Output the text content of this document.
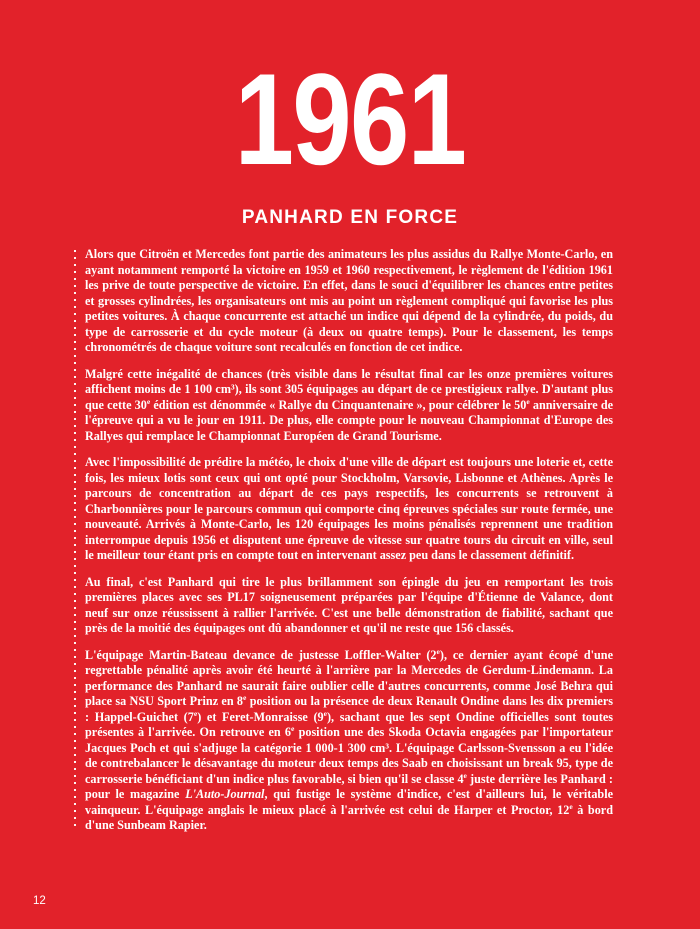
1961
PANHARD EN FORCE

Alors que Citroën et Mercedes font partie des animateurs les plus assidus du Rallye Monte-Carlo, en ayant notamment remporté la victoire en 1959 et 1960 respectivement, le règlement de l'édition 1961 les prive de toute perspective de victoire. En effet, dans le souci d'équilibrer les chances entre petites et grosses cylindrées, les organisateurs ont mis au point un règlement compliqué qui favorise les plus petites voitures. À chaque concurrente est attaché un indice qui dépend de la cylindrée, du poids, du type de carrosserie et du cycle moteur (à deux ou quatre temps). Pour le classement, les temps chronométrés de chaque voiture sont recalculés en fonction de cet indice.

Malgré cette inégalité de chances (très visible dans le résultat final car les onze premières voitures affichent moins de 1 100 cm³), ils sont 305 équipages au départ de ce prestigieux rallye. D'autant plus que cette 30e édition est dénommée « Rallye du Cinquantenaire », pour célébrer le 50e anniversaire de l'épreuve qui a vu le jour en 1911. De plus, elle compte pour le nouveau Championnat d'Europe des Rallyes qui remplace le Championnat Européen de Grand Tourisme.

Avec l'impossibilité de prédire la météo, le choix d'une ville de départ est toujours une loterie et, cette fois, les mieux lotis sont ceux qui ont opté pour Stockholm, Varsovie, Lisbonne et Athènes. Après le parcours de concentration au départ de ces pays respectifs, les concurrents se retrouvent à Charbonnières pour le parcours commun qui comporte cinq épreuves spéciales sur route fermée, une nouveauté. Arrivés à Monte-Carlo, les 120 équipages les moins pénalisés reprennent une tradition interrompue depuis 1956 et disputent une épreuve de vitesse sur quatre tours du circuit en ville, seul le meilleur tour étant pris en compte tout en intervenant assez peu dans le classement définitif.

Au final, c'est Panhard qui tire le plus brillamment son épingle du jeu en remportant les trois premières places avec ses PL17 soigneusement préparées par l'équipe d'Étienne de Valance, dont neuf sur onze réussissent à rallier l'arrivée. C'est une belle démonstration de fiabilité, sachant que près de la moitié des équipages ont dû abandonner et qu'il ne reste que 156 classés.

L'équipage Martin-Bateau devance de justesse Loffler-Walter (2e), ce dernier ayant écopé d'une regrettable pénalité après avoir été heurté à l'arrière par la Mercedes de Gerdum-Lindemann. La performance des Panhard ne saurait faire oublier celle d'autres concurrents, comme José Behra qui place sa NSU Sport Prinz en 8e position ou la présence de deux Renault Ondine dans les dix premiers : Happel-Guichet (7e) et Feret-Monraisse (9e), sachant que les sept Ondine officielles sont toutes présentes à l'arrivée. On retrouve en 6e position une des Skoda Octavia engagées par l'importateur Jacques Poch et qui s'adjuge la catégorie 1 000-1 300 cm³. L'équipage Carlsson-Svensson a eu l'idée de contrebalancer le désavantage du moteur deux temps des Saab en choisissant un break 95, type de carrosserie bénéficiant d'un indice plus favorable, si bien qu'il se classe 4e juste derrière les Panhard : pour le magazine L'Auto-Journal, qui fustige le système d'indice, c'est d'ailleurs lui, le véritable vainqueur. L'équipage anglais le mieux placé à l'arrivée est celui de Harper et Proctor, 12e à bord d'une Sunbeam Rapier.

12
